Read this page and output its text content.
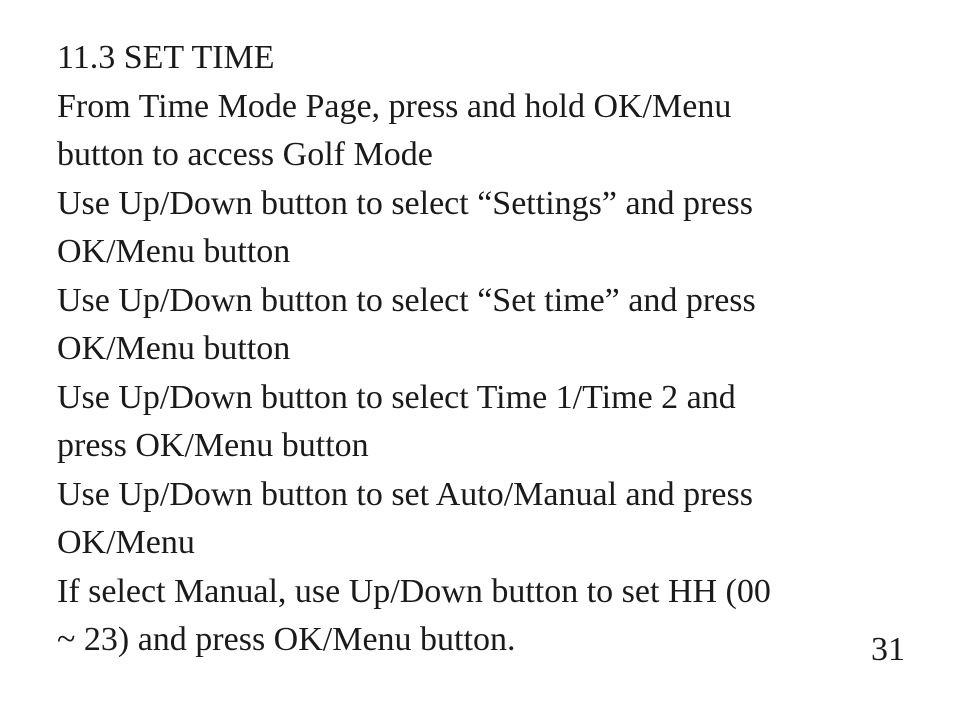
11.3 SET TIME

From Time Mode Page, press and hold OK/Menu

button to access Golf Mode

Use Up/Down button to select “Settings” and press

OK/Menu button

Use Up/Down button to select “Set time” and press

OK/Menu button

Use Up/Down button to select Time 1/Time 2 and

press OK/Menu button

Use Up/Down button to set Auto/Manual and press

OK/Menu

If select Manual, use Up/Down button to set HH (00

~ 23) and press OK/Menu button.	31
